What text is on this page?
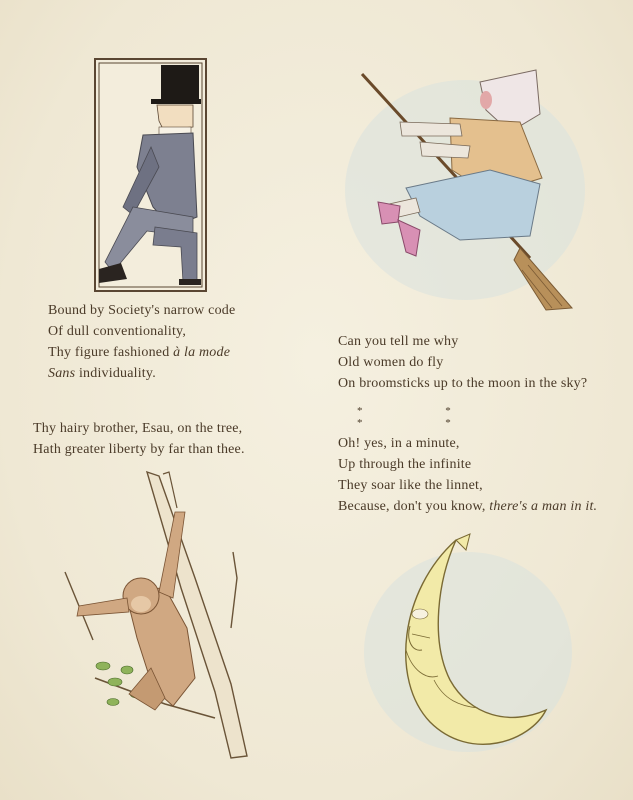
Bound by Society's narrow code
Of dull conventionality,
Thy figure fashioned à la mode
Sans individuality.
Thy hairy brother, Esau, on the tree,
Hath greater liberty by far than thee.
Can you tell me why
Old women do fly
On broomsticks up to the moon in the sky?
* * * *
Oh! yes, in a minute,
Up through the infinite
They soar like the linnet,
Because, don't you know, there's a man in it.
